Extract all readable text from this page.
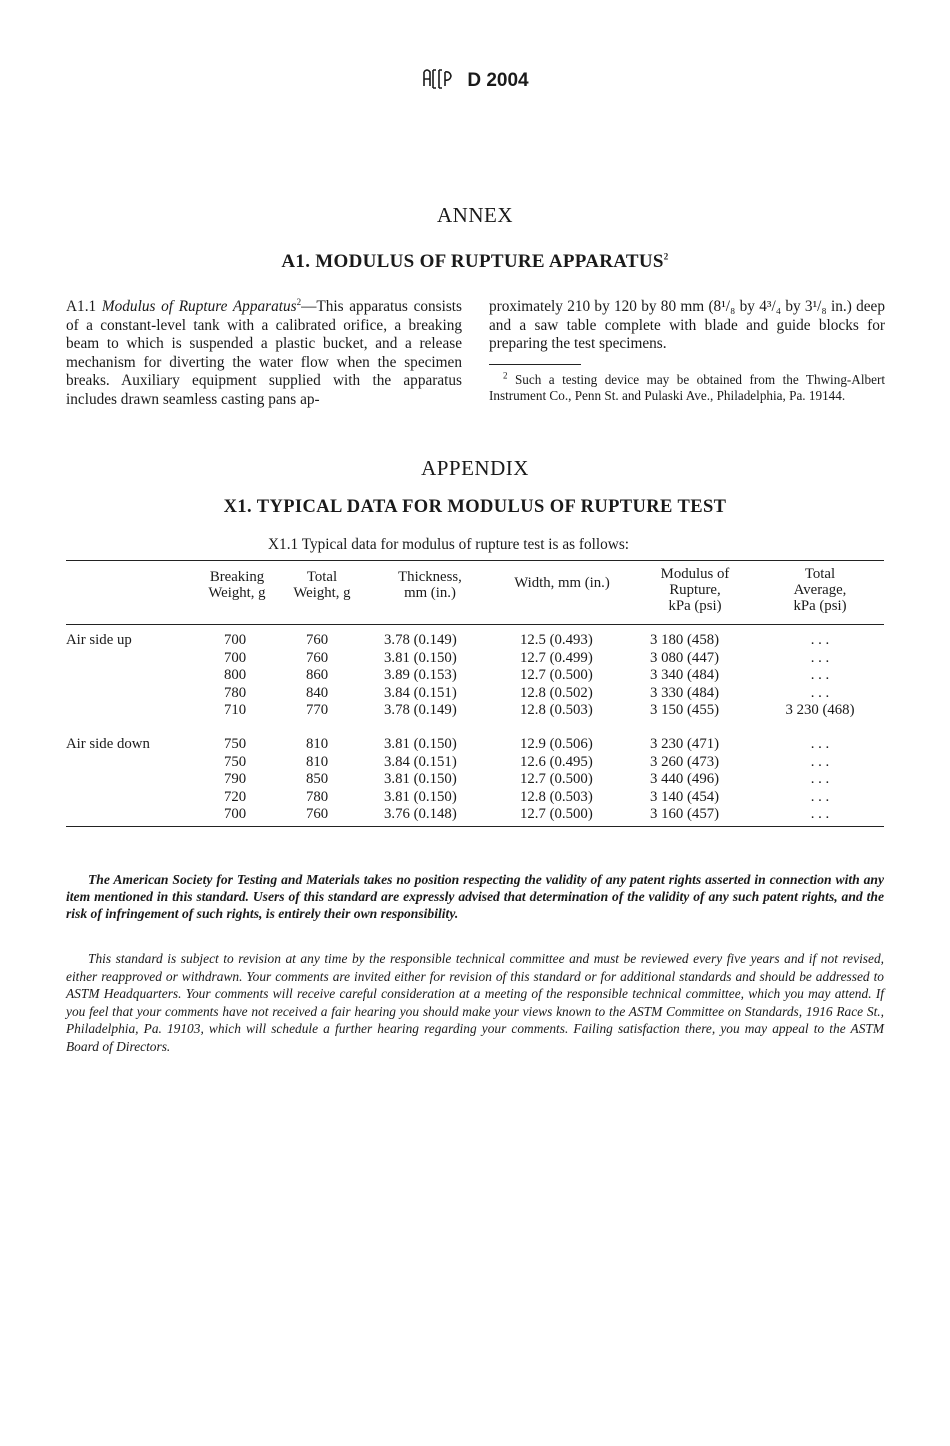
D 2004
ANNEX
A1. MODULUS OF RUPTURE APPARATUS$^2$

A1.1 Modulus of Rupture Apparatus$^2$—This apparatus consists of a constant-level tank with a calibrated orifice, a breaking beam to which is suspended a plastic bucket, and a release mechanism for diverting the water flow when the specimen breaks. Auxiliary equipment supplied with the apparatus includes drawn seamless casting pans ap-

proximately 210 by 120 by 80 mm (8¹/₈ by 4³/₄ by 3¹/₈ in.) deep and a saw table complete with blade and guide blocks for preparing the test specimens.

$^2$ Such a testing device may be obtained from the Thwing-Albert Instrument Co., Penn St. and Pulaski Ave., Philadelphia, Pa. 19144.
APPENDIX
X1. TYPICAL DATA FOR MODULUS OF RUPTURE TEST
X1.1 Typical data for modulus of rupture test is as follows:
Breaking
Weight, g
Total
Weight, g
Thickness,
mm (in.)
Width, mm (in.)
Modulus of
Rupture,
kPa (psi)
Total
Average,
kPa (psi)
Air side up	700
700
800
780
710
760
760
860
840
770
3.78 (0.149)
3.81 (0.150)
3.89 (0.153)
3.84 (0.151)
3.78 (0.149)
12.5 (0.493)
12.7 (0.499)
12.7 (0.500)
12.8 (0.502)
12.8 (0.503)
3 180 (458)
3 080 (447)
3 340 (484)
3 330 (484)
3 150 (455)
. . .
. . .
. . .
. . .
3 230 (468)
Air side down	750
750
790
720
700
810
810
850
780
760
3.81 (0.150)
3.84 (0.151)
3.81 (0.150)
3.81 (0.150)
3.76 (0.148)
12.9 (0.506)
12.6 (0.495)
12.7 (0.500)
12.8 (0.503)
12.7 (0.500)
3 230 (471)
3 260 (473)
3 440 (496)
3 140 (454)
3 160 (457)
. . .
. . .
. . .
. . .
. . .
The American Society for Testing and Materials takes no position respecting the validity of any patent rights asserted in connection with any item mentioned in this standard. Users of this standard are expressly advised that determination of the validity of any such patent rights, and the risk of infringement of such rights, is entirely their own responsibility.
This standard is subject to revision at any time by the responsible technical committee and must be reviewed every five years and if not revised, either reapproved or withdrawn. Your comments are invited either for revision of this standard or for additional standards and should be addressed to ASTM Headquarters. Your comments will receive careful consideration at a meeting of the responsible technical committee, which you may attend. If you feel that your comments have not received a fair hearing you should make your views known to the ASTM Committee on Standards, 1916 Race St., Philadelphia, Pa. 19103, which will schedule a further hearing regarding your comments. Failing satisfaction there, you may appeal to the ASTM Board of Directors.
